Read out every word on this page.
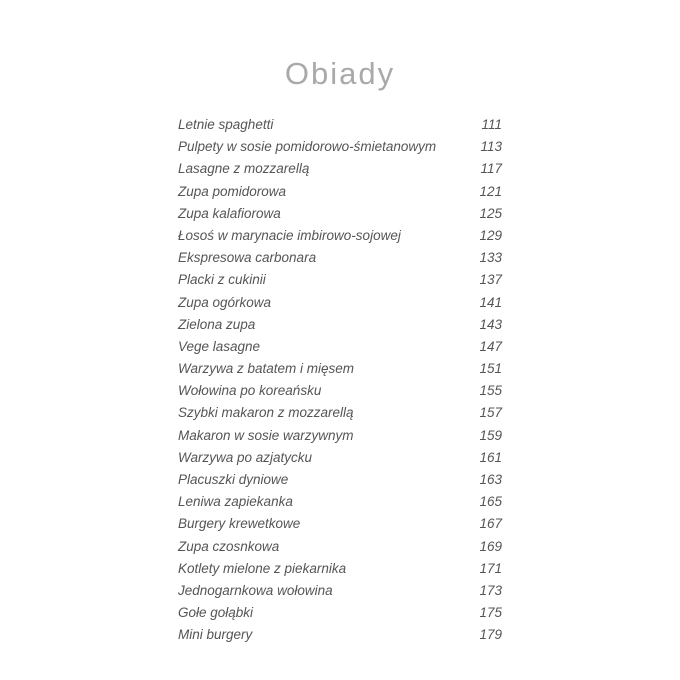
Obiady
Letnie spaghetti	111
Pulpety w sosie pomidorowo-śmietanowym	113
Lasagne z mozzarellą	117
Zupa pomidorowa	121
Zupa kalafiorowa	125
Łosoś w marynacie imbirowo-sojowej	129
Ekspresowa carbonara	133
Placki z cukinii	137
Zupa ogórkowa	141
Zielona zupa	143
Vege lasagne	147
Warzywa z batatem i mięsem	151
Wołowina po koreańsku	155
Szybki makaron z mozzarellą	157
Makaron w sosie warzywnym	159
Warzywa po azjatycku	161
Placuszki dyniowe	163
Leniwa zapiekanka	165
Burgery krewetkowe	167
Zupa czosnkowa	169
Kotlety mielone z piekarnika	171
Jednogarnkowa wołowina	173
Gołe gołąbki	175
Mini burgery	179
